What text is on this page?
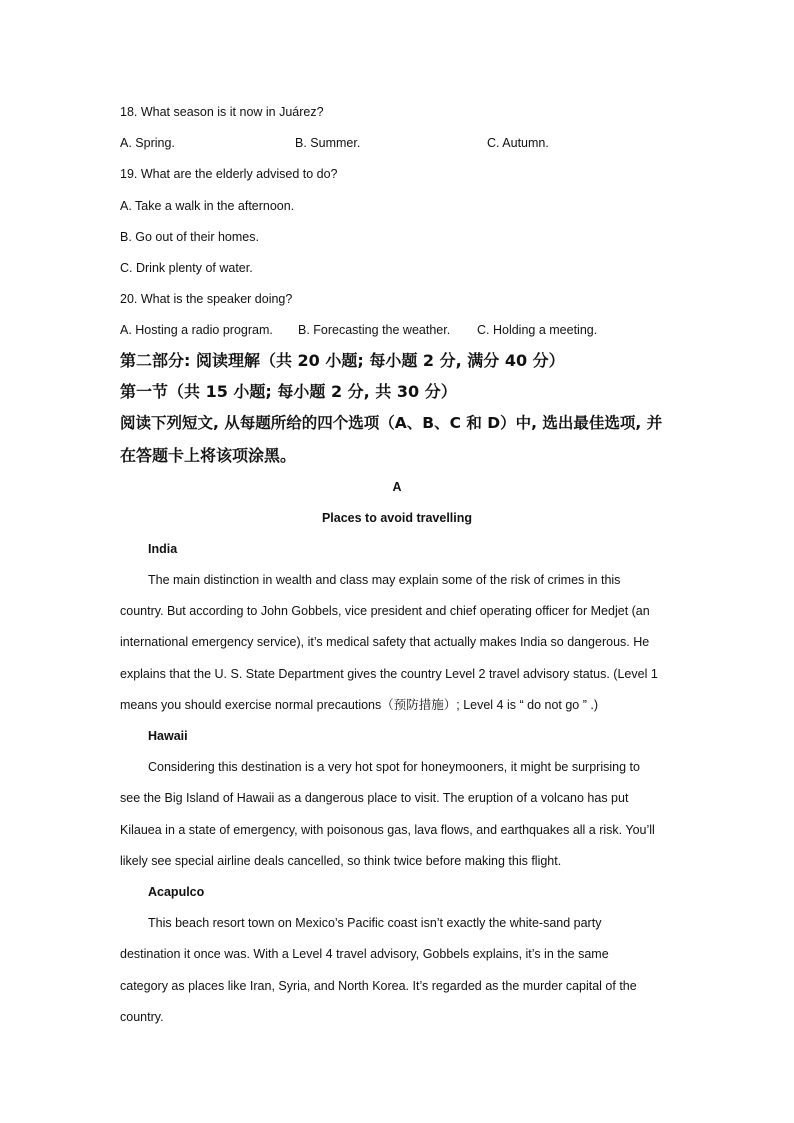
18. What season is it now in Juárez?
A. Spring.	B. Summer.	C. Autumn.
19. What are the elderly advised to do?
A. Take a walk in the afternoon.
B. Go out of their homes.
C. Drink plenty of water.
20. What is the speaker doing?
A. Hosting a radio program. B. Forecasting the weather. C. Holding a meeting.
第二部分: 阅读理解（共 20 小题; 每小题 2 分, 满分 40 分）
第一节（共 15 小题; 每小题 2 分, 共 30 分）
阅读下列短文, 从每题所给的四个选项（A、B、C 和 D）中, 选出最佳选项, 并
在答题卡上将该项涂黑。
A
Places to avoid travelling
India
The main distinction in wealth and class may explain some of the risk of crimes in this
country. But according to John Gobbels, vice president and chief operating officer for Medjet (an
international emergency service), it’s medical safety that actually makes India so dangerous. He
explains that the U. S. State Department gives the country Level 2 travel advisory status. (Level 1
means you should exercise normal precautions（预防措施）; Level 4 is “ do not go ” .)
Hawaii
Considering this destination is a very hot spot for honeymooners, it might be surprising to
see the Big Island of Hawaii as a dangerous place to visit. The eruption of a volcano has put
Kilauea in a state of emergency, with poisonous gas, lava flows, and earthquakes all a risk. You’ll
likely see special airline deals cancelled, so think twice before making this flight.
Acapulco
This beach resort town on Mexico’s Pacific coast isn’t exactly the white-sand party
destination it once was. With a Level 4 travel advisory, Gobbels explains, it’s in the same
category as places like Iran, Syria, and North Korea. It’s regarded as the murder capital of the
country.
